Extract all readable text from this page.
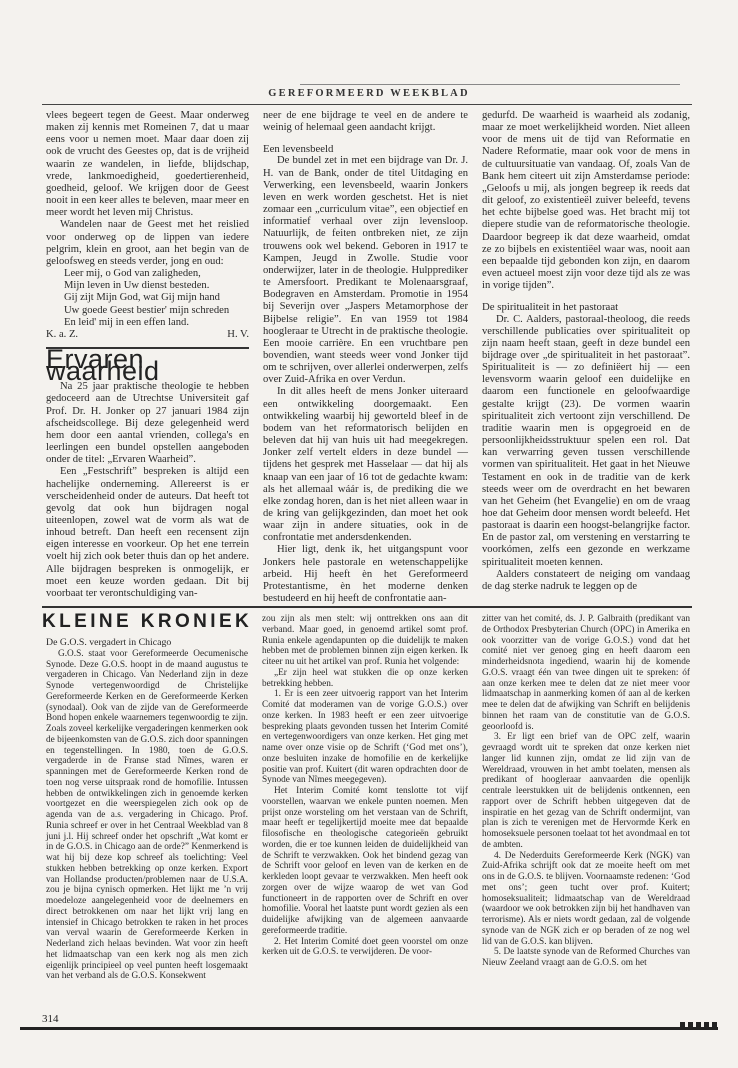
GEREFORMEERD WEEKBLAD

vlees begeert tegen de Geest. Maar onderweg maken zij kennis met Romeinen 7, dat u maar eens voor u nemen moet. Maar daar doen zij ook de vrucht des Geestes op, dat is de vrijheid waarin ze wandelen, in liefde, blijdschap, vrede, lankmoedigheid, goedertierenheid, goedheid, geloof. We krijgen door de Geest nooit in een keer alles te beleven, maar meer en meer wordt het leven mij Christus.

Wandelen naar de Geest met het reislied voor onderweg op de lippen van iedere pelgrim, klein en groot, aan het begin van de geloofsweg en steeds verder, jong en oud:

Leer mij, o God van zaligheden,
Mijn leven in Uw dienst besteden.
Gij zijt Mijn God, wat Gij mijn hand
Uw goede Geest bestier' mijn schreden
En leid' mij in een effen land.
K. a. Z.	H. V.
Ervaren waarheid

Na 25 jaar praktische theologie te hebben gedoceerd aan de Utrechtse Universiteit gaf Prof. Dr. H. Jonker op 27 januari 1984 zijn afscheidscollege. Bij deze gelegenheid werd hem door een aantal vrienden, collega's en leerlingen een bundel opstellen aangeboden onder de titel: „Ervaren Waarheid”.

Een „Festschrift” bespreken is altijd een hachelijke onderneming. Allereerst is er verscheidenheid onder de auteurs. Dat heeft tot gevolg dat ook hun bijdragen nogal uiteenlopen, zowel wat de vorm als wat de inhoud betreft. Dan heeft een recensent zijn eigen interesse en voorkeur. Op het ene terrein voelt hij zich ook beter thuis dan op het andere. Alle bijdragen bespreken is onmogelijk, er moet een keuze worden gedaan. Dit bij voorbaat ter verontschuldiging van-

neer de ene bijdrage te veel en de andere te weinig of helemaal geen aandacht krijgt.

Een levensbeeld

De bundel zet in met een bijdrage van Dr. J. H. van de Bank, onder de titel Uitdaging en Verwerking, een levensbeeld, waarin Jonkers leven en werk worden geschetst. Het is niet zomaar een „curriculum vitae”, een objectief en informatief verhaal over zijn levensloop. Natuurlijk, de feiten ontbreken niet, ze zijn trouwens ook wel bekend. Geboren in 1917 te Kampen, Jeugd in Zwolle. Studie voor onderwijzer, later in de theologie. Hulpprediker te Amersfoort. Predikant te Molenaarsgraaf, Bodegraven en Amsterdam. Promotie in 1954 bij Severijn over „Jaspers Metamorphose der Bijbelse religie”. En van 1959 tot 1984 hoogleraar te Utrecht in de praktische theologie. Een mooie carrière. En een vruchtbare pen bovendien, want steeds weer vond Jonker tijd om te schrijven, over allerlei onderwerpen, zelfs over Zuid-Afrika en over Verdun.

In dit alles heeft de mens Jonker uiteraard een ontwikkeling doorgemaakt. Een ontwikkeling waarbij hij geworteld bleef in de bodem van het reformatorisch belijden en beleven dat hij van huis uit had meegekregen. Jonker zelf vertelt elders in deze bundel — tijdens het gesprek met Hasselaar — dat hij als knaap van een jaar of 16 tot de gedachte kwam: als het allemaal wáár is, de prediking die we elke zondag horen, dan is het niet alleen waar in de kring van gelijkgezinden, dan moet het ook waar zijn in andere situaties, ook in de confrontatie met andersdenkenden.

Hier ligt, denk ik, het uitgangspunt voor Jonkers hele pastorale en wetenschappelijke arbeid. Hij heeft èn het Gereformeerd Protestantisme, èn het moderne denken bestudeerd en hij heeft de confrontatie aan-

gedurfd. De waarheid is waarheid als zodanig, maar ze moet werkelijkheid worden. Niet alleen voor de mens uit de tijd van Reformatie en Nadere Reformatie, maar ook voor de mens in de cultuursituatie van vandaag. Of, zoals Van de Bank hem citeert uit zijn Amsterdamse periode: „Geloofs u mij, als jongen begreep ik reeds dat dit geloof, zo existentieël zuiver beleefd, tevens het echte bijbelse goed was. Het bracht mij tot diepere studie van de reformatorische theologie. Daardoor begreep ik dat deze waarheid, omdat ze zo bijbels en existentiëel waar was, nooit aan een bepaalde tijd gebonden kon zijn, en daarom even actueel moest zijn voor deze tijd als ze was in vorige tijden”.

De spiritualiteit in het pastoraat

Dr. C. Aalders, pastoraal-theoloog, die reeds verschillende publicaties over spiritualiteit op zijn naam heeft staan, geeft in deze bundel een bijdrage over „de spiritualiteit in het pastoraat”. Spiritualiteit is — zo definiëert hij — een levensvorm waarin geloof een duidelijke en daarom een functionele en geloofwaardige gestalte krijgt (23). De vormen waarin spiritualiteit zich vertoont zijn verschillend. De traditie waarin men is opgegroeid en de persoonlijkheidsstruktuur spelen een rol. Dat kan verwarring geven tussen verschillende vormen van spiritualiteit. Het gaat in het Nieuwe Testament en ook in de traditie van de kerk steeds weer om de overdracht en het bewaren van het Geheim (het Evangelie) en om de vraag hoe dat Geheim door mensen wordt beleefd. Het pastoraat is daarin een hoogst-belangrijke factor. En de pastor zal, om verstening en verstarring te voorkómen, zelfs een gezonde en werkzame spiritualiteit moeten kennen.

Aalders constateert de neiging om vandaag de dag sterke nadruk te leggen op de

KLEINE KRONIEK
De G.O.S. vergadert in Chicago

G.O.S. staat voor Gereformeerde Oecumenische Synode. Deze G.O.S. hoopt in de maand augustus te vergaderen in Chicago. Van Nederland zijn in deze Synode vertegenwoordigd de Christelijke Gereformeerde Kerken en de Gereformeerde Kerken (synodaal). Ook van de zijde van de Gereformeerde Bond hopen enkele waarnemers tegenwoordig te zijn. Zoals zoveel kerkelijke vergaderingen kenmerken ook de bijeenkomsten van de G.O.S. zich door spanningen en tegenstellingen. In 1980, toen de G.O.S. vergaderde in de Franse stad Nîmes, waren er spanningen met de Gereformeerde Kerken rond de toen nog verse uitspraak rond de homofilie. Intussen hebben de ontwikkelingen zich in genoemde kerken voortgezet en die weerspiegelen zich ook op de agenda van de a.s. vergadering in Chicago. Prof. Runia schreef er over in het Centraal Weekblad van 8 juni j.l. Hij schreef onder het opschrift „Wat komt er in de G.O.S. in Chicago aan de orde?” Kenmerkend is wat hij bij deze kop schreef als toelichting: Veel stukken hebben betrekking op onze kerken. Export van Hollandse producten/problemen naar de U.S.A. zou je bijna cynisch opmerken. Het lijkt me ’n vrij moedeloze aangelegenheid voor de deelnemers en direct betrokkenen om naar het lijkt vrij lang en intensief in Chicago betrokken te raken in het proces van verval waarin de Gereformeerde Kerken in Nederland zich helaas bevinden. Wat voor zin heeft het lidmaatschap van een kerk nog als men zich eigenlijk principieel op veel punten heeft losgemaakt van het verband als de G.O.S. Konsekwent

zou zijn als men stelt: wij onttrekken ons aan dit verband. Maar goed, in genoemd artikel somt prof. Runia enkele agendapunten op die duidelijk te maken hebben met de problemen binnen zijn eigen kerken. Ik citeer nu uit het artikel van prof. Runia het volgende:

„Er zijn heel wat stukken die op onze kerken betrekking hebben.

1. Er is een zeer uitvoerig rapport van het Interim Comité dat moderamen van de vorige G.O.S.) over onze kerken. In 1983 heeft er een zeer uitvoerige bespreking plaats gevonden tussen het Interim Comité en vertegenwoordigers van onze kerken. Het ging met name over onze visie op de Schrift (‘God met ons’), onze besluiten inzake de homofilie en de kerkelijke positie van prof. Kuitert (dit waren opdrachten door de Synode van Nîmes meegegeven).

Het Interim Comité komt tenslotte tot vijf voorstellen, waarvan we enkele punten noemen. Men prijst onze worsteling om het verstaan van de Schrift, maar heeft er tegelijkertijd moeite mee dat bepaalde filosofische en theologische categorieën gebruikt worden, die er toe kunnen leiden de duidelijkheid van de Schrift te verzwakken. Ook het bindend gezag van de Schrift voor geloof en leven van de kerken en de kerkleden loopt gevaar te verzwakken. Men heeft ook zorgen over de wijze waarop de wet van God functioneert in de rapporten over de Schrift en over homofilie. Vooral het laatste punt wordt gezien als een duidelijke afwijking van de algemeen aanvaarde gereformeerde traditie.

2. Het Interim Comité doet geen voorstel om onze kerken uit de G.O.S. te verwijderen. De voor-

zitter van het comité, ds. J. P. Galbraith (predikant van de Orthodox Presbyterian Church (OPC) in Amerika en ook voorzitter van de vorige G.O.S.) vond dat het comité niet ver genoeg ging en heeft daarom een minderheidsnota ingediend, waarin hij de komende G.O.S. vraagt één van twee dingen uit te spreken: óf aan onze kerken mee te delen dat ze niet meer voor lidmaatschap in aanmerking komen óf aan al de kerken mee te delen dat de afwijking van Schrift en belijdenis binnen het raam van de constitutie van de G.O.S. geoorloofd is.

3. Er ligt een brief van de OPC zelf, waarin gevraagd wordt uit te spreken dat onze kerken niet langer lid kunnen zijn, omdat ze lid zijn van de Wereldraad, vrouwen in het ambt toelaten, mensen als predikant of hoogleraar aanvaarden die openlijk centrale leerstukken uit de belijdenis ontkennen, een rapport over de Schrift hebben uitgegeven dat de inspiratie en het gezag van de Schrift ondermijnt, van plan is zich te verenigen met de Hervormde Kerk en homoseksuele personen toelaat tot het avondmaal en tot de ambten.

4. De Nederduits Gereformeerde Kerk (NGK) van Zuid-Afrika schrijft ook dat ze moeite heeft om met ons in de G.O.S. te blijven. Voornaamste redenen: ‘God met ons’; geen tucht over prof. Kuitert; homoseksualiteit; lidmaatschap van de Wereldraad (waardoor we ook betrokken zijn bij het handhaven van terrorisme). Als er niets wordt gedaan, zal de volgende synode van de NGK zich er op beraden of ze nog wel lid van de G.O.S. kan blijven.

5. De laatste synode van de Reformed Churches van Nieuw Zeeland vraagt aan de G.O.S. om het

314
